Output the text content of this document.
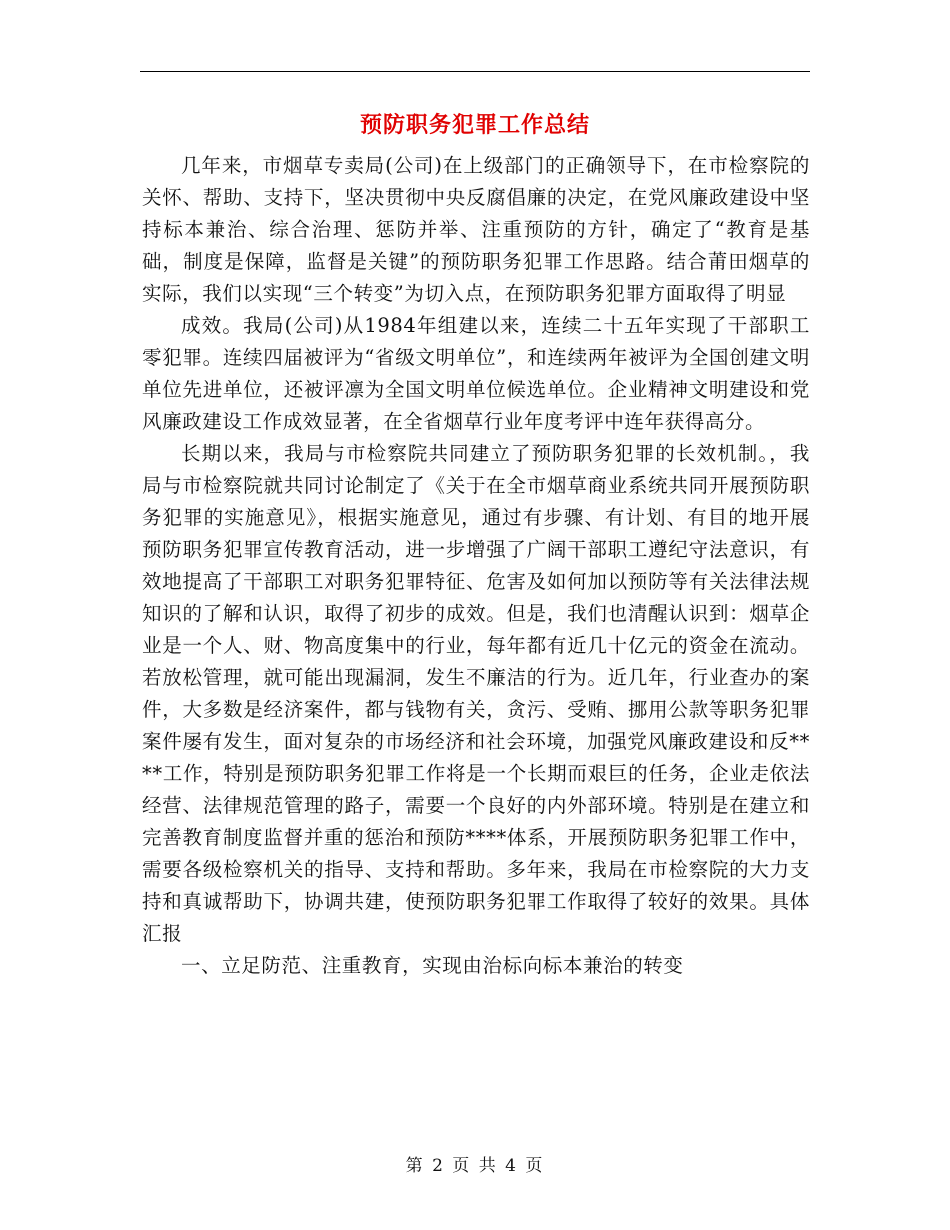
预防职务犯罪工作总结

几年来，市烟草专卖局(公司)在上级部门的正确领导下，在市检察院的关怀、帮助、支持下，坚决贯彻中央反腐倡廉的决定，在党风廉政建设中坚持标本兼治、综合治理、惩防并举、注重预防的方针，确定了“教育是基础，制度是保障，监督是关键”的预防职务犯罪工作思路。结合莆田烟草的实际，我们以实现“三个转变”为切入点，在预防职务犯罪方面取得了明显

成效。我局(公司)从1984年组建以来，连续二十五年实现了干部职工零犯罪。连续四届被评为“省级文明单位”，和连续两年被评为全国创建文明单位先进单位，还被评凛为全国文明单位候选单位。企业精神文明建设和党风廉政建设工作成效显著，在全省烟草行业年度考评中连年获得高分。

长期以来，我局与市检察院共同建立了预防职务犯罪的长效机制。，我局与市检察院就共同讨论制定了《关于在全市烟草商业系统共同开展预防职务犯罪的实施意见》，根据实施意见，通过有步骤、有计划、有目的地开展预防职务犯罪宣传教育活动，进一步增强了广阔干部职工遵纪守法意识，有效地提高了干部职工对职务犯罪特征、危害及如何加以预防等有关法律法规知识的了解和认识，取得了初步的成效。但是，我们也清醒认识到：烟草企业是一个人、财、物高度集中的行业，每年都有近几十亿元的资金在流动。若放松管理，就可能出现漏洞，发生不廉洁的行为。近几年，行业查办的案件，大多数是经济案件，都与钱物有关，贪污、受贿、挪用公款等职务犯罪案件屡有发生，面对复杂的市场经济和社会环境，加强党风廉政建设和反****工作，特别是预防职务犯罪工作将是一个长期而艰巨的任务，企业走依法经营、法律规范管理的路子，需要一个良好的内外部环境。特别是在建立和完善教育制度监督并重的惩治和预防****体系，开展预防职务犯罪工作中，需要各级检察机关的指导、支持和帮助。多年来，我局在市检察院的大力支持和真诚帮助下，协调共建，使预防职务犯罪工作取得了较好的效果。具体汇报

一、立足防范、注重教育，实现由治标向标本兼治的转变

第 2 页 共 4 页
